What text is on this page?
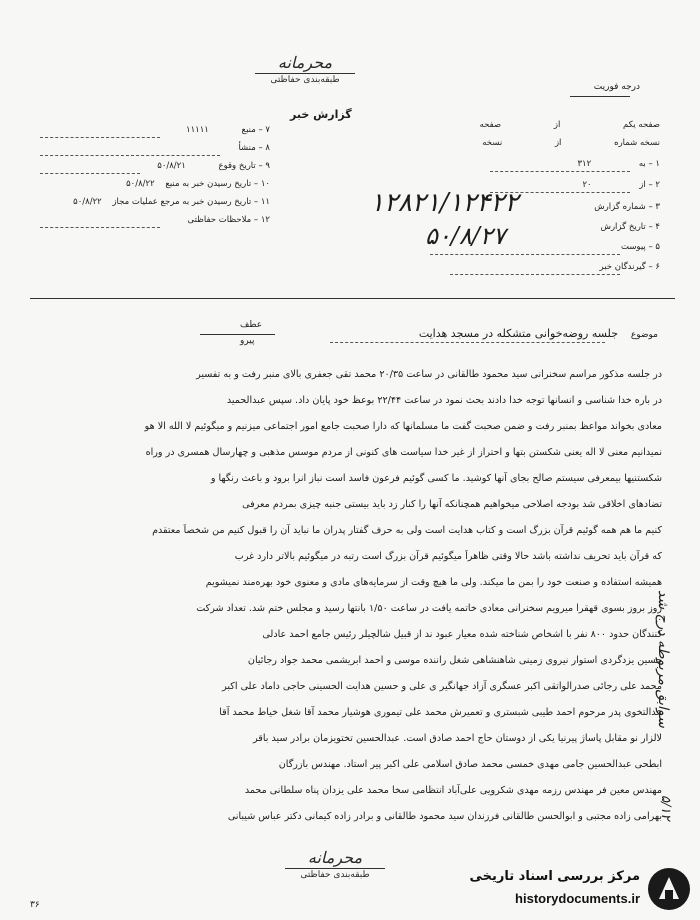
محرمانه
طبقه‌بندی حفاظتی
درجه فوریت
گزارش خبر
۷ – منبع ۱۱۱۱۱
۸ – منشأ
۹ – تاریخ وقوع ۵۰/۸/۲۱
۱۰ – تاریخ رسیدن خبر به منبع ۵۰/۸/۲۲
۱۱ – تاریخ رسیدن خبر به مرجع عملیات مجاز ۵۰/۸/۲۲
۱۲ – ملاحظات حفاظتی
صفحه یکم از صفحه
نسخه شماره از نسخه
۱ – به ۳۱۲
۲ – از ۲۰
۳ – شماره گزارش
۴ – تاریخ گزارش
۵ – پیوست
۶ – گیرندگان خبر
۱۲۸۲۱/۱۲۴۲۲
۵۰/۸/۲۷
عطف
پیرو
موضوع
جلسه روضه‌خوانی متشکله در مسجد هدایت
در جلسه مذکور مراسم سخنرانی سید محمود طالقانی در ساعت ۲۰/۳۵ محمد تقی جعفری بالای منبر رفت و به تفسیر
در باره خدا شناسی و انسانها توجه خدا دادند بحث نمود در ساعت ۲۲/۴۴ بوعظ خود پایان داد. سپس عبدالحمید
معادی بخواند مواعظ بمنبر رفت و ضمن صحبت گفت ما مسلمانها که دارا صحبت جامع امور اجتماعی میزنیم و میگوئیم لا الله الا هو
نمیدانیم معنی لا اله یعنی شکستن بتها و احتراز از غیر خدا سیاست های کنونی از مردم موسس مذهبی و چهارسال همسری در وراه
شکستنیها بیمعرفی سیستم صالح بجای آنها کوشید. ما کسی گوئیم فرعون فاسد است نباز انرا برود و باعث رنگها و
تضادهای اخلاقی شد بودجه اصلاحی میخواهیم همچنانکه آنها را کنار زد باید بیستی جنبه چیزی بمردم معرفی
کنیم ما هم همه گوئیم قرآن بزرگ است و کتاب هدایت است ولی به حرف گفتار پدران ما نباید آن را قبول کنیم من شخصاً معتقدم
که قرآن باید تحریف نداشته باشد حالا وقتی ظاهراً میگوئیم قرآن بزرگ است رتبه در میگوئیم بالاتر دارد غرب
همیشه استفاده و صنعت خود را بمن ما میکند. ولی ما هیچ وقت از سرمایه‌های مادی و معنوی خود بهره‌مند نمیشویم
روز بروز بسوی قهقرا میرویم سخنرانی معادی خاتمه یافت در ساعت ۱/۵۰ بانتها رسید و مجلس ختم شد. تعداد شرکت
کنندگان حدود ۸۰۰ نفر با اشخاص شناخته شده معیار عبود ند از قبیل شالچیلر رئیس جامع احمد عادلی
حسین یزدگردی استوار نیروی زمینی شاهنشاهی شغل راننده موسی و احمد ابریشمی محمد جواد رجائیان
محمد علی رجائی صدرالواتقی اکبر عسگری آزاد جهانگیر ی علی و حسین هدایت الحسینی حاجی داماد علی اکبر
عدالتخوی پدر مرحوم احمد طیبی شبستری و تعمیرش محمد علی تیموری هوشیار محمد آقا شغل خیاط محمد آقا
لالزار نو مقابل پاساژ پیرنیا یکی از دوستان حاج احمد صادق است. عبدالحسین تختویزمان برادر سید باقر
ابطحی عبدالحسین جامی مهدی خمسی محمد صادق اسلامی علی اکبر پیر استاد. مهندس بازرگان
مهندس معین فر مهندس رزمه مهدی شکرویی علی‌آباد انتظامی سخا محمد علی یزدان پناه سلطانی محمد
بهرامی زاده مجتبی و ابوالحسن طالقانی فرزندان سید محمود طالقانی و برادر زاده کیمانی دکتر عباس شیبانی
سوابق مربوطه درج شد
۵/۱۲
محرمانه
طبقه‌بندی حفاظتی
۳۶
مرکز بررسی اسناد تاریخی
historydocuments.ir
